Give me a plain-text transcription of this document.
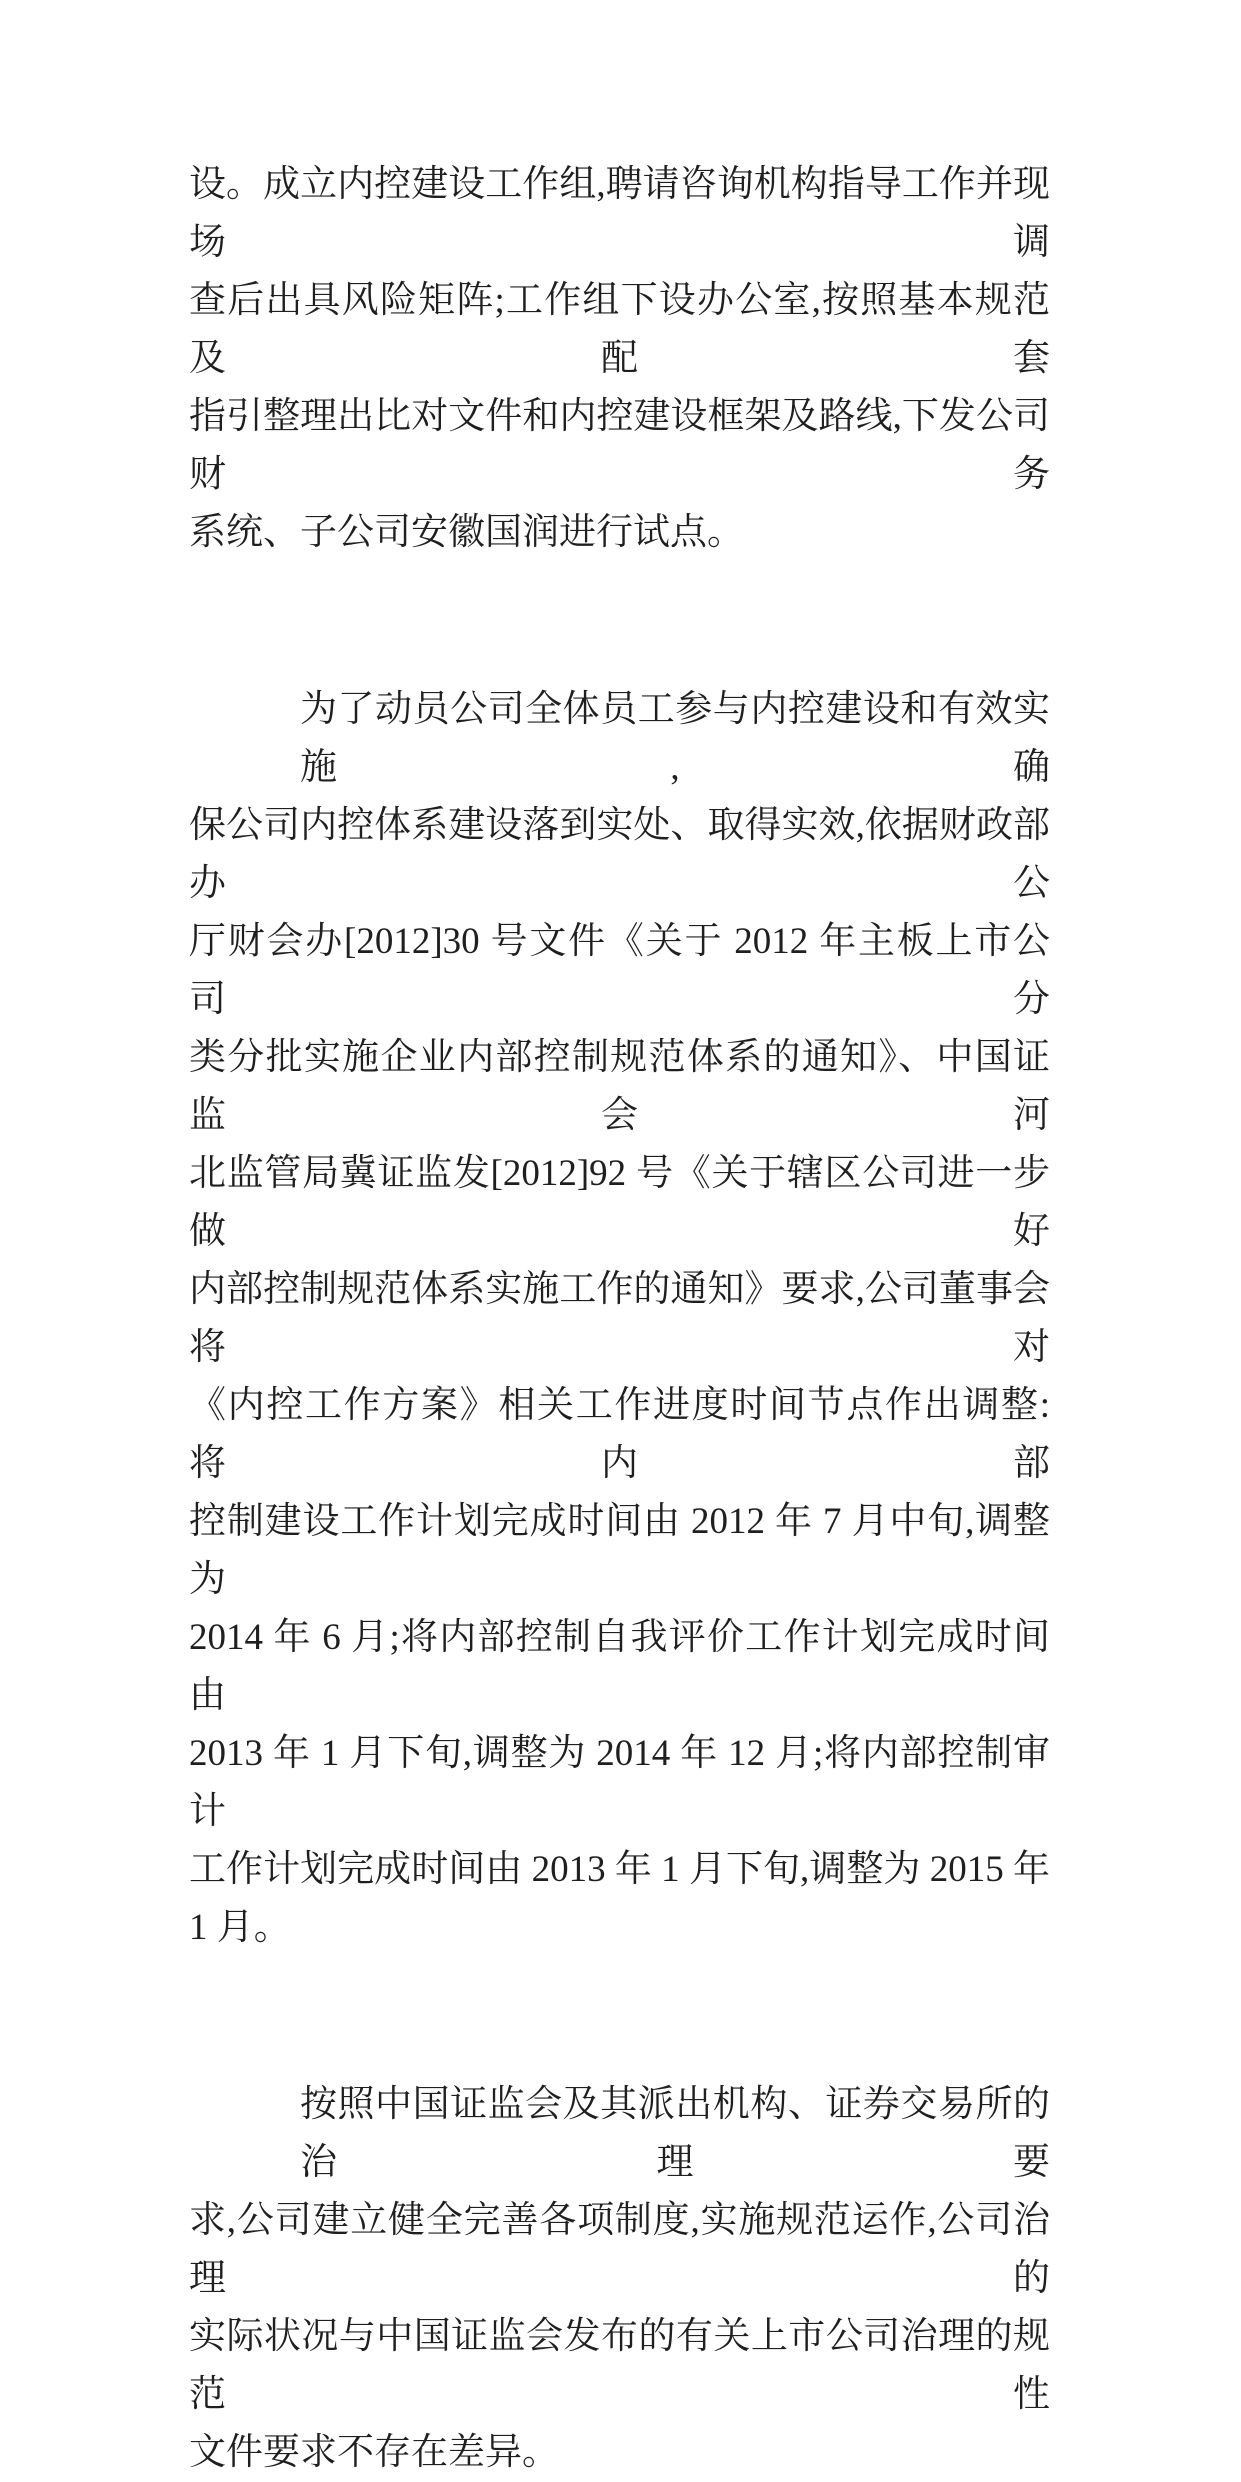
设。成立内控建设工作组,聘请咨询机构指导工作并现场调
查后出具风险矩阵;工作组下设办公室,按照基本规范及配套
指引整理出比对文件和内控建设框架及路线,下发公司财务
系统、子公司安徽国润进行试点。
为了动员公司全体员工参与内控建设和有效实施,确
保公司内控体系建设落到实处、取得实效,依据财政部办公
厅财会办[2012]30 号文件《关于 2012 年主板上市公司分
类分批实施企业内部控制规范体系的通知》、中国证监会河
北监管局冀证监发[2012]92 号《关于辖区公司进一步做好
内部控制规范体系实施工作的通知》要求,公司董事会将对
《内控工作方案》相关工作进度时间节点作出调整:将内部
控制建设工作计划完成时间由 2012 年 7 月中旬,调整为
2014 年 6 月;将内部控制自我评价工作计划完成时间由
2013 年 1 月下旬,调整为 2014 年 12 月;将内部控制审计
工作计划完成时间由 2013 年 1 月下旬,调整为 2015 年
1 月。
按照中国证监会及其派出机构、证券交易所的治理要
求,公司建立健全完善各项制度,实施规范运作,公司治理的
实际状况与中国证监会发布的有关上市公司治理的规范性
文件要求不存在差异。
